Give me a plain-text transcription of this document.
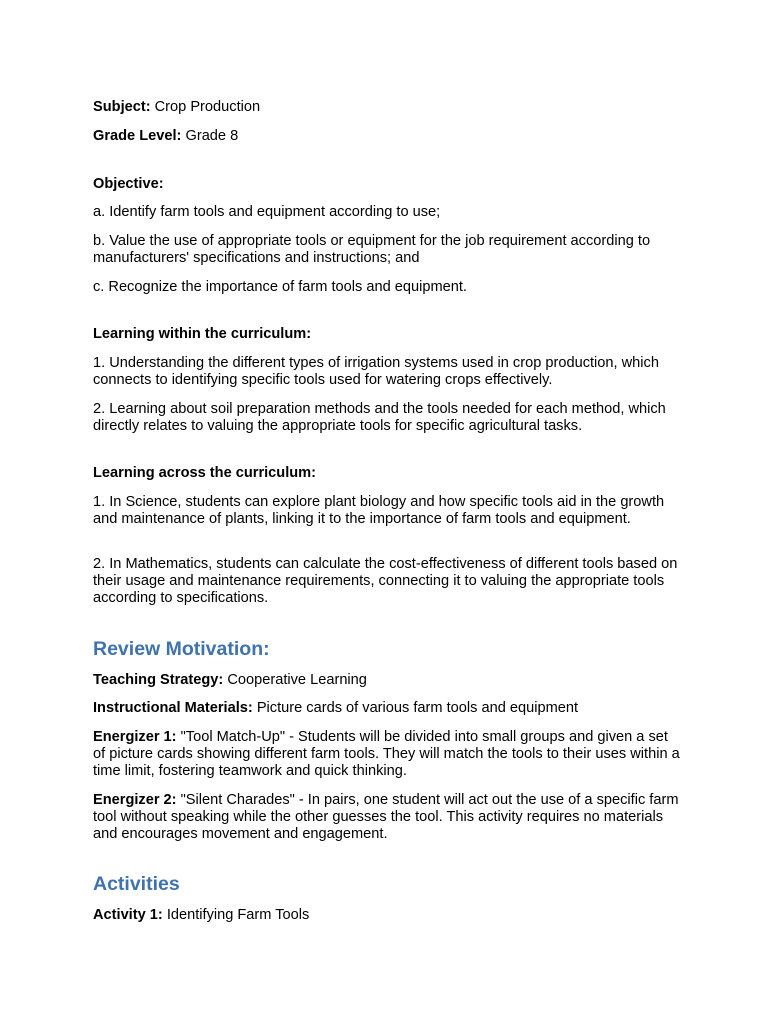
Subject: Crop Production

Grade Level: Grade 8

Objective:

a. Identify farm tools and equipment according to use;

b. Value the use of appropriate tools or equipment for the job requirement according to manufacturers' specifications and instructions; and

c. Recognize the importance of farm tools and equipment.

Learning within the curriculum:

1. Understanding the different types of irrigation systems used in crop production, which connects to identifying specific tools used for watering crops effectively.

2. Learning about soil preparation methods and the tools needed for each method, which directly relates to valuing the appropriate tools for specific agricultural tasks.

Learning across the curriculum:

1. In Science, students can explore plant biology and how specific tools aid in the growth and maintenance of plants, linking it to the importance of farm tools and equipment.

2. In Mathematics, students can calculate the cost-effectiveness of different tools based on their usage and maintenance requirements, connecting it to valuing the appropriate tools according to specifications.

Review Motivation:

Teaching Strategy: Cooperative Learning

Instructional Materials: Picture cards of various farm tools and equipment

Energizer 1: "Tool Match-Up" - Students will be divided into small groups and given a set of picture cards showing different farm tools. They will match the tools to their uses within a time limit, fostering teamwork and quick thinking.

Energizer 2: "Silent Charades" - In pairs, one student will act out the use of a specific farm tool without speaking while the other guesses the tool. This activity requires no materials and encourages movement and engagement.

Activities

Activity 1: Identifying Farm Tools
